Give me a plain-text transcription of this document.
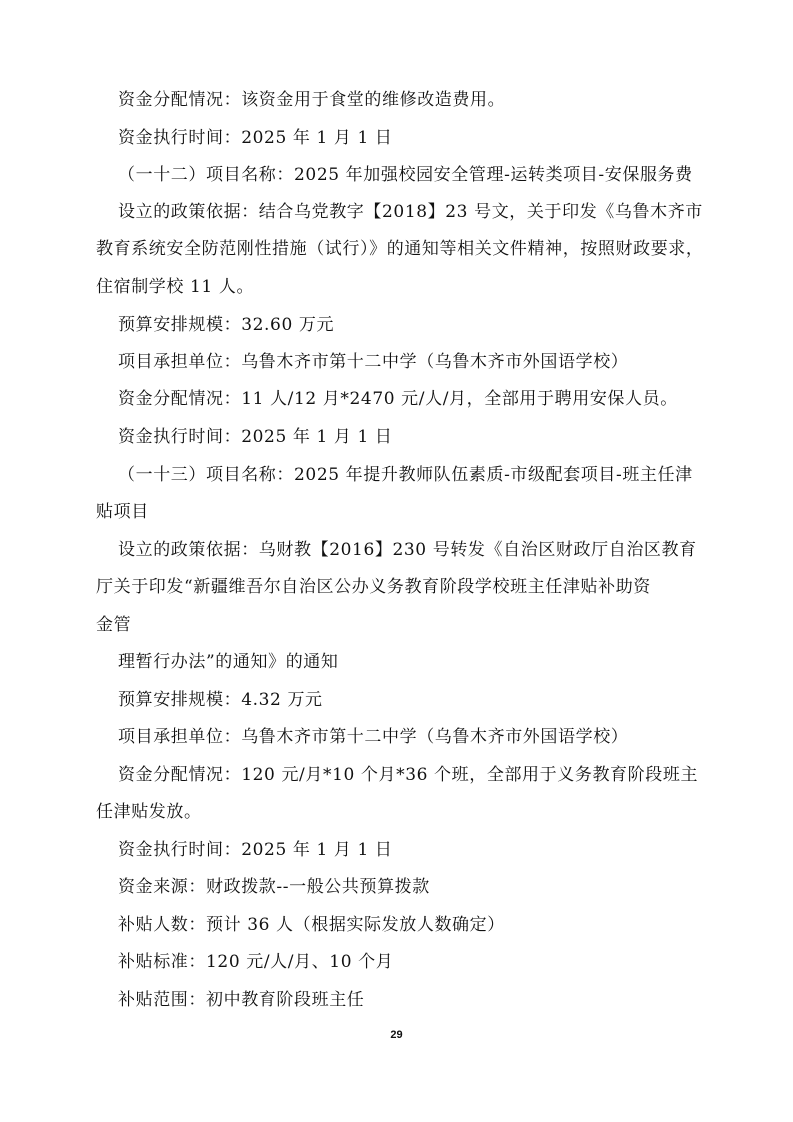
资金分配情况：该资金用于食堂的维修改造费用。
资金执行时间：2025 年 1 月 1 日
（一十二）项目名称：2025 年加强校园安全管理-运转类项目-安保服务费
设立的政策依据：结合乌党教字【2018】23 号文，关于印发《乌鲁木齐市
教育系统安全防范刚性措施（试行）》的通知等相关文件精神，按照财政要求，
住宿制学校 11 人。
预算安排规模：32.60 万元
项目承担单位：乌鲁木齐市第十二中学（乌鲁木齐市外国语学校）
资金分配情况：11 人/12 月*2470 元/人/月，全部用于聘用安保人员。
资金执行时间：2025 年 1 月 1 日
（一十三）项目名称：2025 年提升教师队伍素质-市级配套项目-班主任津
贴项目
设立的政策依据：乌财教【2016】230 号转发《自治区财政厅自治区教育
厅关于印发“新疆维吾尔自治区公办义务教育阶段学校班主任津贴补助资
金管
理暂行办法”的通知》的通知
预算安排规模：4.32 万元
项目承担单位：乌鲁木齐市第十二中学（乌鲁木齐市外国语学校）
资金分配情况：120 元/月*10 个月*36 个班，全部用于义务教育阶段班主
任津贴发放。
资金执行时间：2025 年 1 月 1 日
资金来源：财政拨款--一般公共预算拨款
补贴人数：预计 36 人（根据实际发放人数确定）
补贴标准：120 元/人/月、10 个月
补贴范围：初中教育阶段班主任
29
